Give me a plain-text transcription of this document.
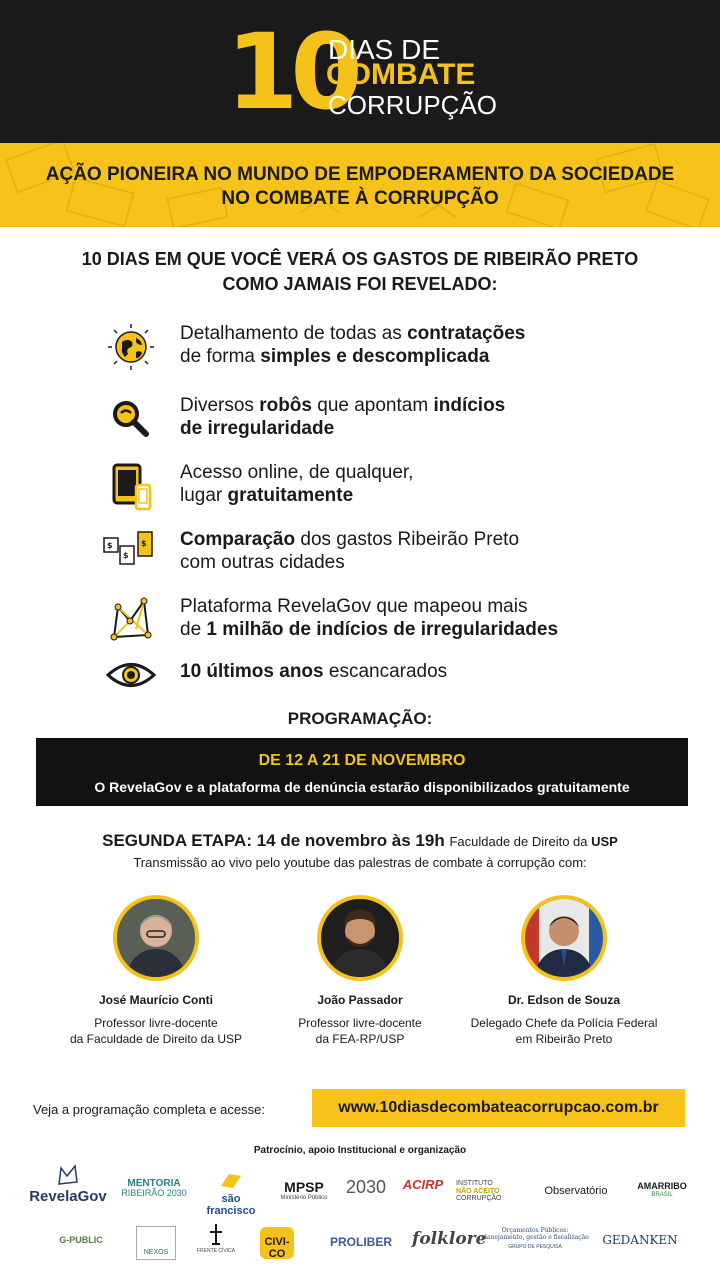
10
DIAS DE
COMBATE
CORRUPÇÃO
AÇÃO PIONEIRA NO MUNDO DE EMPODERAMENTO DA SOCIEDADE
NO COMBATE À CORRUPÇÃO
10 DIAS EM QUE VOCÊ VERÁ OS GASTOS DE RIBEIRÃO PRETO
COMO JAMAIS FOI REVELADO:
Detalhamento de todas as contratações
de forma simples e descomplicada
Diversos robôs que apontam indícios
de irregularidade
Acesso online, de qualquer,
lugar gratuitamente
$
$
$ Comparação dos gastos Ribeirão Preto
com outras cidades
Plataforma RevelaGov que mapeou mais
de 1 milhão de indícios de irregularidades
10 últimos anos escancarados
PROGRAMAÇÃO:
DE 12 A 21 DE NOVEMBRO
O RevelaGov e a plataforma de denúncia estarão disponibilizados gratuitamente
SEGUNDA ETAPA: 14 de novembro às 19h Faculdade de Direito da USP
Transmissão ao vivo pelo youtube das palestras de combate à corrupção com:
José Maurício Conti
Professor livre-docente
da Faculdade de Direito da USP
João Passador
Professor livre-docente
da FEA-RP/USP
Dr. Edson de Souza
Delegado Chefe da Polícia Federal
em Ribeirão Preto
Veja a programação completa e acesse:	www.10diasdecombateacorrupcao.com.br
Patrocínio, apoio Institucional e organização
RevelaGov
MENTORIA
RIBEIRÃO 2030	são francisco
MPSP
Ministério Público
2030	ACIRP	INSTITUTO
NÃO ACEITO
CORRUPÇÃO
Observatório	AMARRIBO
BRASIL
G-PUBLIC
NEXOS	FRENTE CÍVICA
CIVI-CO
PROLIBER	folklore	Orçamentos Públicos: planejamento, gestão e fiscalização
GRUPO DE PESQUISA
GEDANKEN
